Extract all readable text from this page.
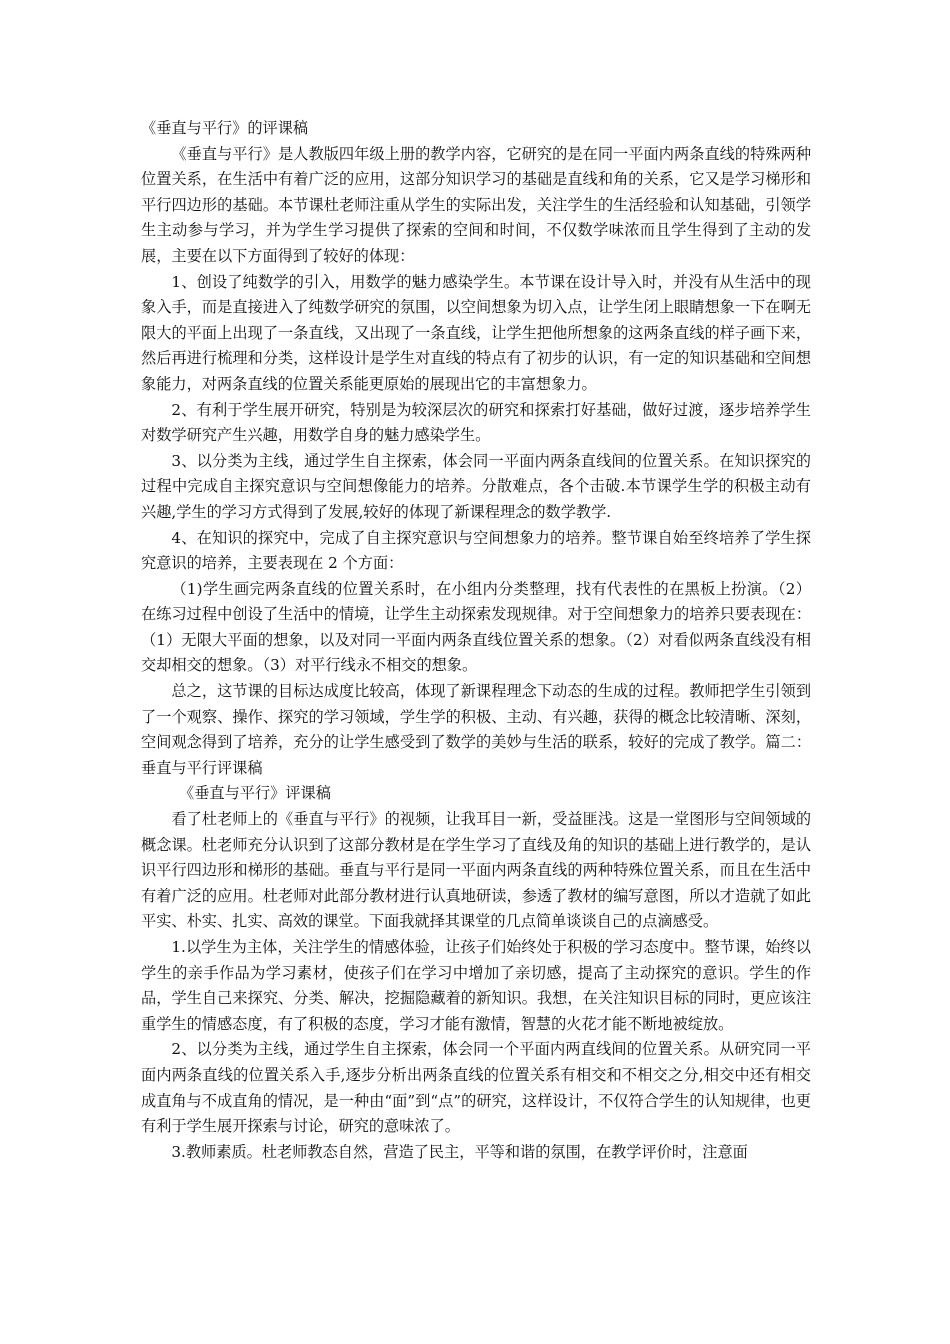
《垂直与平行》的评课稿

《垂直与平行》是人教版四年级上册的教学内容，它研究的是在同一平面内两条直线的特殊两种位置关系，在生活中有着广泛的应用，这部分知识学习的基础是直线和角的关系，它又是学习梯形和平行四边形的基础。本节课杜老师注重从学生的实际出发，关注学生的生活经验和认知基础，引领学生主动参与学习，并为学生学习提供了探索的空间和时间，不仅数学味浓而且学生得到了主动的发展，主要在以下方面得到了较好的体现：

1、创设了纯数学的引入，用数学的魅力感染学生。本节课在设计导入时，并没有从生活中的现象入手，而是直接进入了纯数学研究的氛围，以空间想象为切入点，让学生闭上眼睛想象一下在啊无限大的平面上出现了一条直线，又出现了一条直线，让学生把他所想象的这两条直线的样子画下来，然后再进行梳理和分类，这样设计是学生对直线的特点有了初步的认识，有一定的知识基础和空间想象能力，对两条直线的位置关系能更原始的展现出它的丰富想象力。

2、有利于学生展开研究，特别是为较深层次的研究和探索打好基础，做好过渡，逐步培养学生对数学研究产生兴趣，用数学自身的魅力感染学生。

3、以分类为主线，通过学生自主探索，体会同一平面内两条直线间的位置关系。在知识探究的过程中完成自主探究意识与空间想像能力的培养。分散难点，各个击破.本节课学生学的积极主动有兴趣,学生的学习方式得到了发展,较好的体现了新课程理念的数学教学.

4、在知识的探究中，完成了自主探究意识与空间想象力的培养。整节课自始至终培养了学生探究意识的培养，主要表现在 2 个方面：

（1)学生画完两条直线的位置关系时，在小组内分类整理，找有代表性的在黑板上扮演。（2）在练习过程中创设了生活中的情境，让学生主动探索发现规律。对于空间想象力的培养只要表现在：（1）无限大平面的想象，以及对同一平面内两条直线位置关系的想象。（2）对看似两条直线没有相交却相交的想象。（3）对平行线永不相交的想象。

总之，这节课的目标达成度比较高，体现了新课程理念下动态的生成的过程。教师把学生引领到了一个观察、操作、探究的学习领域，学生学的积极、主动、有兴趣，获得的概念比较清晰、深刻，空间观念得到了培养，充分的让学生感受到了数学的美妙与生活的联系，较好的完成了教学。篇二：垂直与平行评课稿

《垂直与平行》评课稿

看了杜老师上的《垂直与平行》的视频，让我耳目一新，受益匪浅。这是一堂图形与空间领域的概念课。杜老师充分认识到了这部分教材是在学生学习了直线及角的知识的基础上进行教学的，是认识平行四边形和梯形的基础。垂直与平行是同一平面内两条直线的两种特殊位置关系，而且在生活中有着广泛的应用。杜老师对此部分教材进行认真地研读，参透了教材的编写意图，所以才造就了如此平实、朴实、扎实、高效的课堂。下面我就择其课堂的几点简单谈谈自己的点滴感受。

1.以学生为主体，关注学生的情感体验，让孩子们始终处于积极的学习态度中。整节课，始终以学生的亲手作品为学习素材，使孩子们在学习中增加了亲切感，提高了主动探究的意识。学生的作品，学生自己来探究、分类、解决，挖掘隐藏着的新知识。我想，在关注知识目标的同时，更应该注重学生的情感态度，有了积极的态度，学习才能有激情，智慧的火花才能不断地被绽放。

2、以分类为主线，通过学生自主探索，体会同一个平面内两直线间的位置关系。从研究同一平面内两条直线的位置关系入手,逐步分析出两条直线的位置关系有相交和不相交之分,相交中还有相交成直角与不成直角的情况，是一种由“面”到“点”的研究，这样设计，不仅符合学生的认知规律，也更有利于学生展开探索与讨论，研究的意味浓了。

3.教师素质。杜老师教态自然，营造了民主，平等和谐的氛围，在教学评价时，注意面
